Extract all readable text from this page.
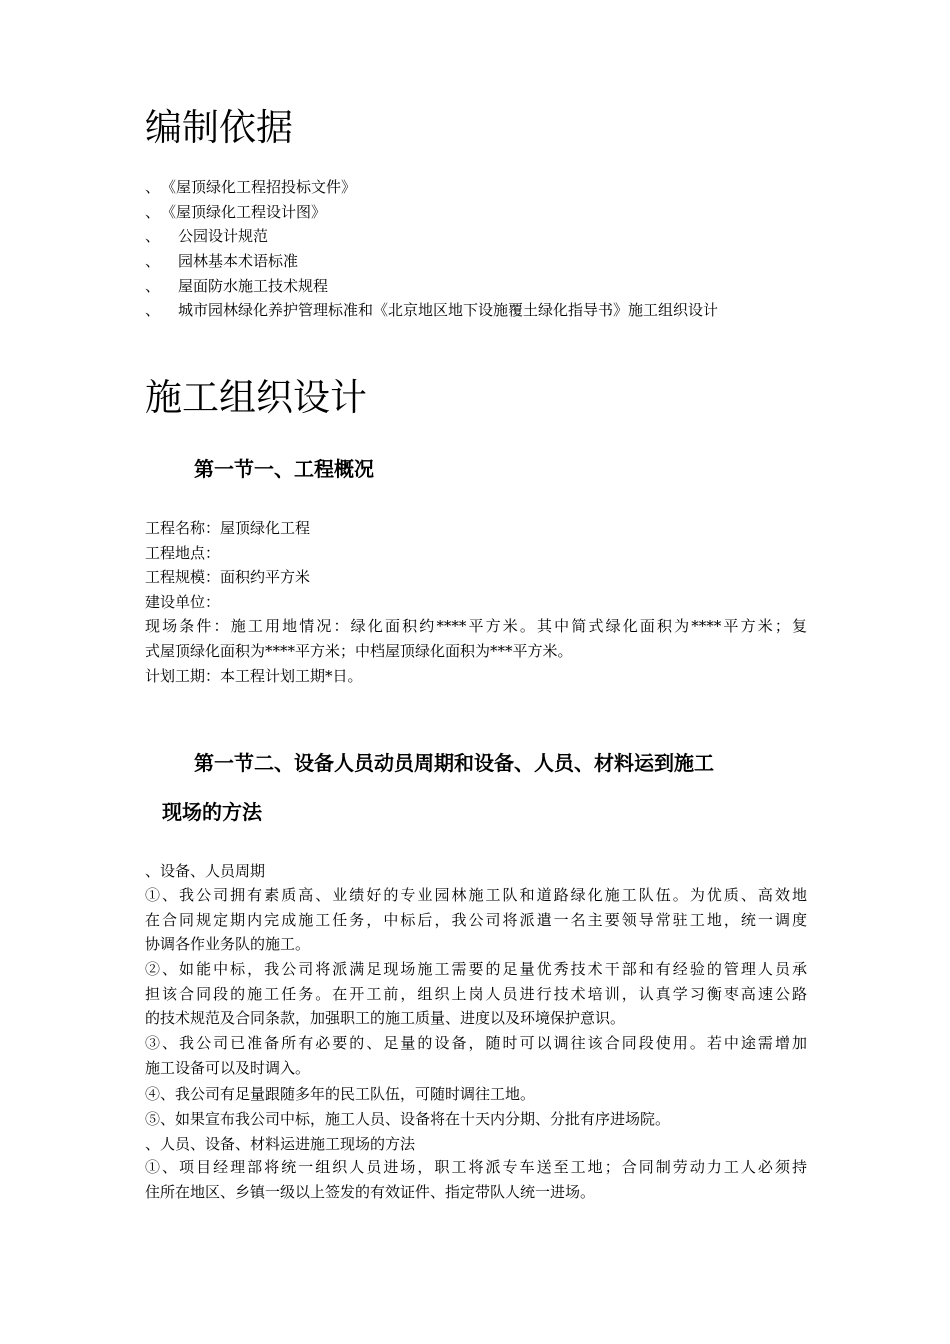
编制依据
、《屋顶绿化工程招投标文件》
、《屋顶绿化工程设计图》
、 公园设计规范
、 园林基本术语标准
、 屋面防水施工技术规程
、 城市园林绿化养护管理标准和《北京地区地下设施覆土绿化指导书》施工组织设计
施工组织设计
第一节一、工程概况
工程名称：屋顶绿化工程
工程地点：
工程规模：面积约平方米
建设单位：
现场条件：施工用地情况：绿化面积约****平方米。其中简式绿化面积为****平方米；复
式屋顶绿化面积为****平方米；中档屋顶绿化面积为***平方米。
计划工期：本工程计划工期*日。
第一节二、设备人员动员周期和设备、人员、材料运到施工
现场的方法
、设备、人员周期
①、我公司拥有素质高、业绩好的专业园林施工队和道路绿化施工队伍。为优质、高效地
在合同规定期内完成施工任务，中标后，我公司将派遣一名主要领导常驻工地，统一调度
协调各作业务队的施工。
②、如能中标，我公司将派满足现场施工需要的足量优秀技术干部和有经验的管理人员承
担该合同段的施工任务。在开工前，组织上岗人员进行技术培训，认真学习衡枣高速公路
的技术规范及合同条款，加强职工的施工质量、进度以及环境保护意识。
③、我公司已准备所有必要的、足量的设备，随时可以调往该合同段使用。若中途需增加
施工设备可以及时调入。
④、我公司有足量跟随多年的民工队伍，可随时调往工地。
⑤、如果宣布我公司中标，施工人员、设备将在十天内分期、分批有序进场院。
、人员、设备、材料运进施工现场的方法
①、项目经理部将统一组织人员进场，职工将派专车送至工地；合同制劳动力工人必须持
住所在地区、乡镇一级以上签发的有效证件、指定带队人统一进场。
